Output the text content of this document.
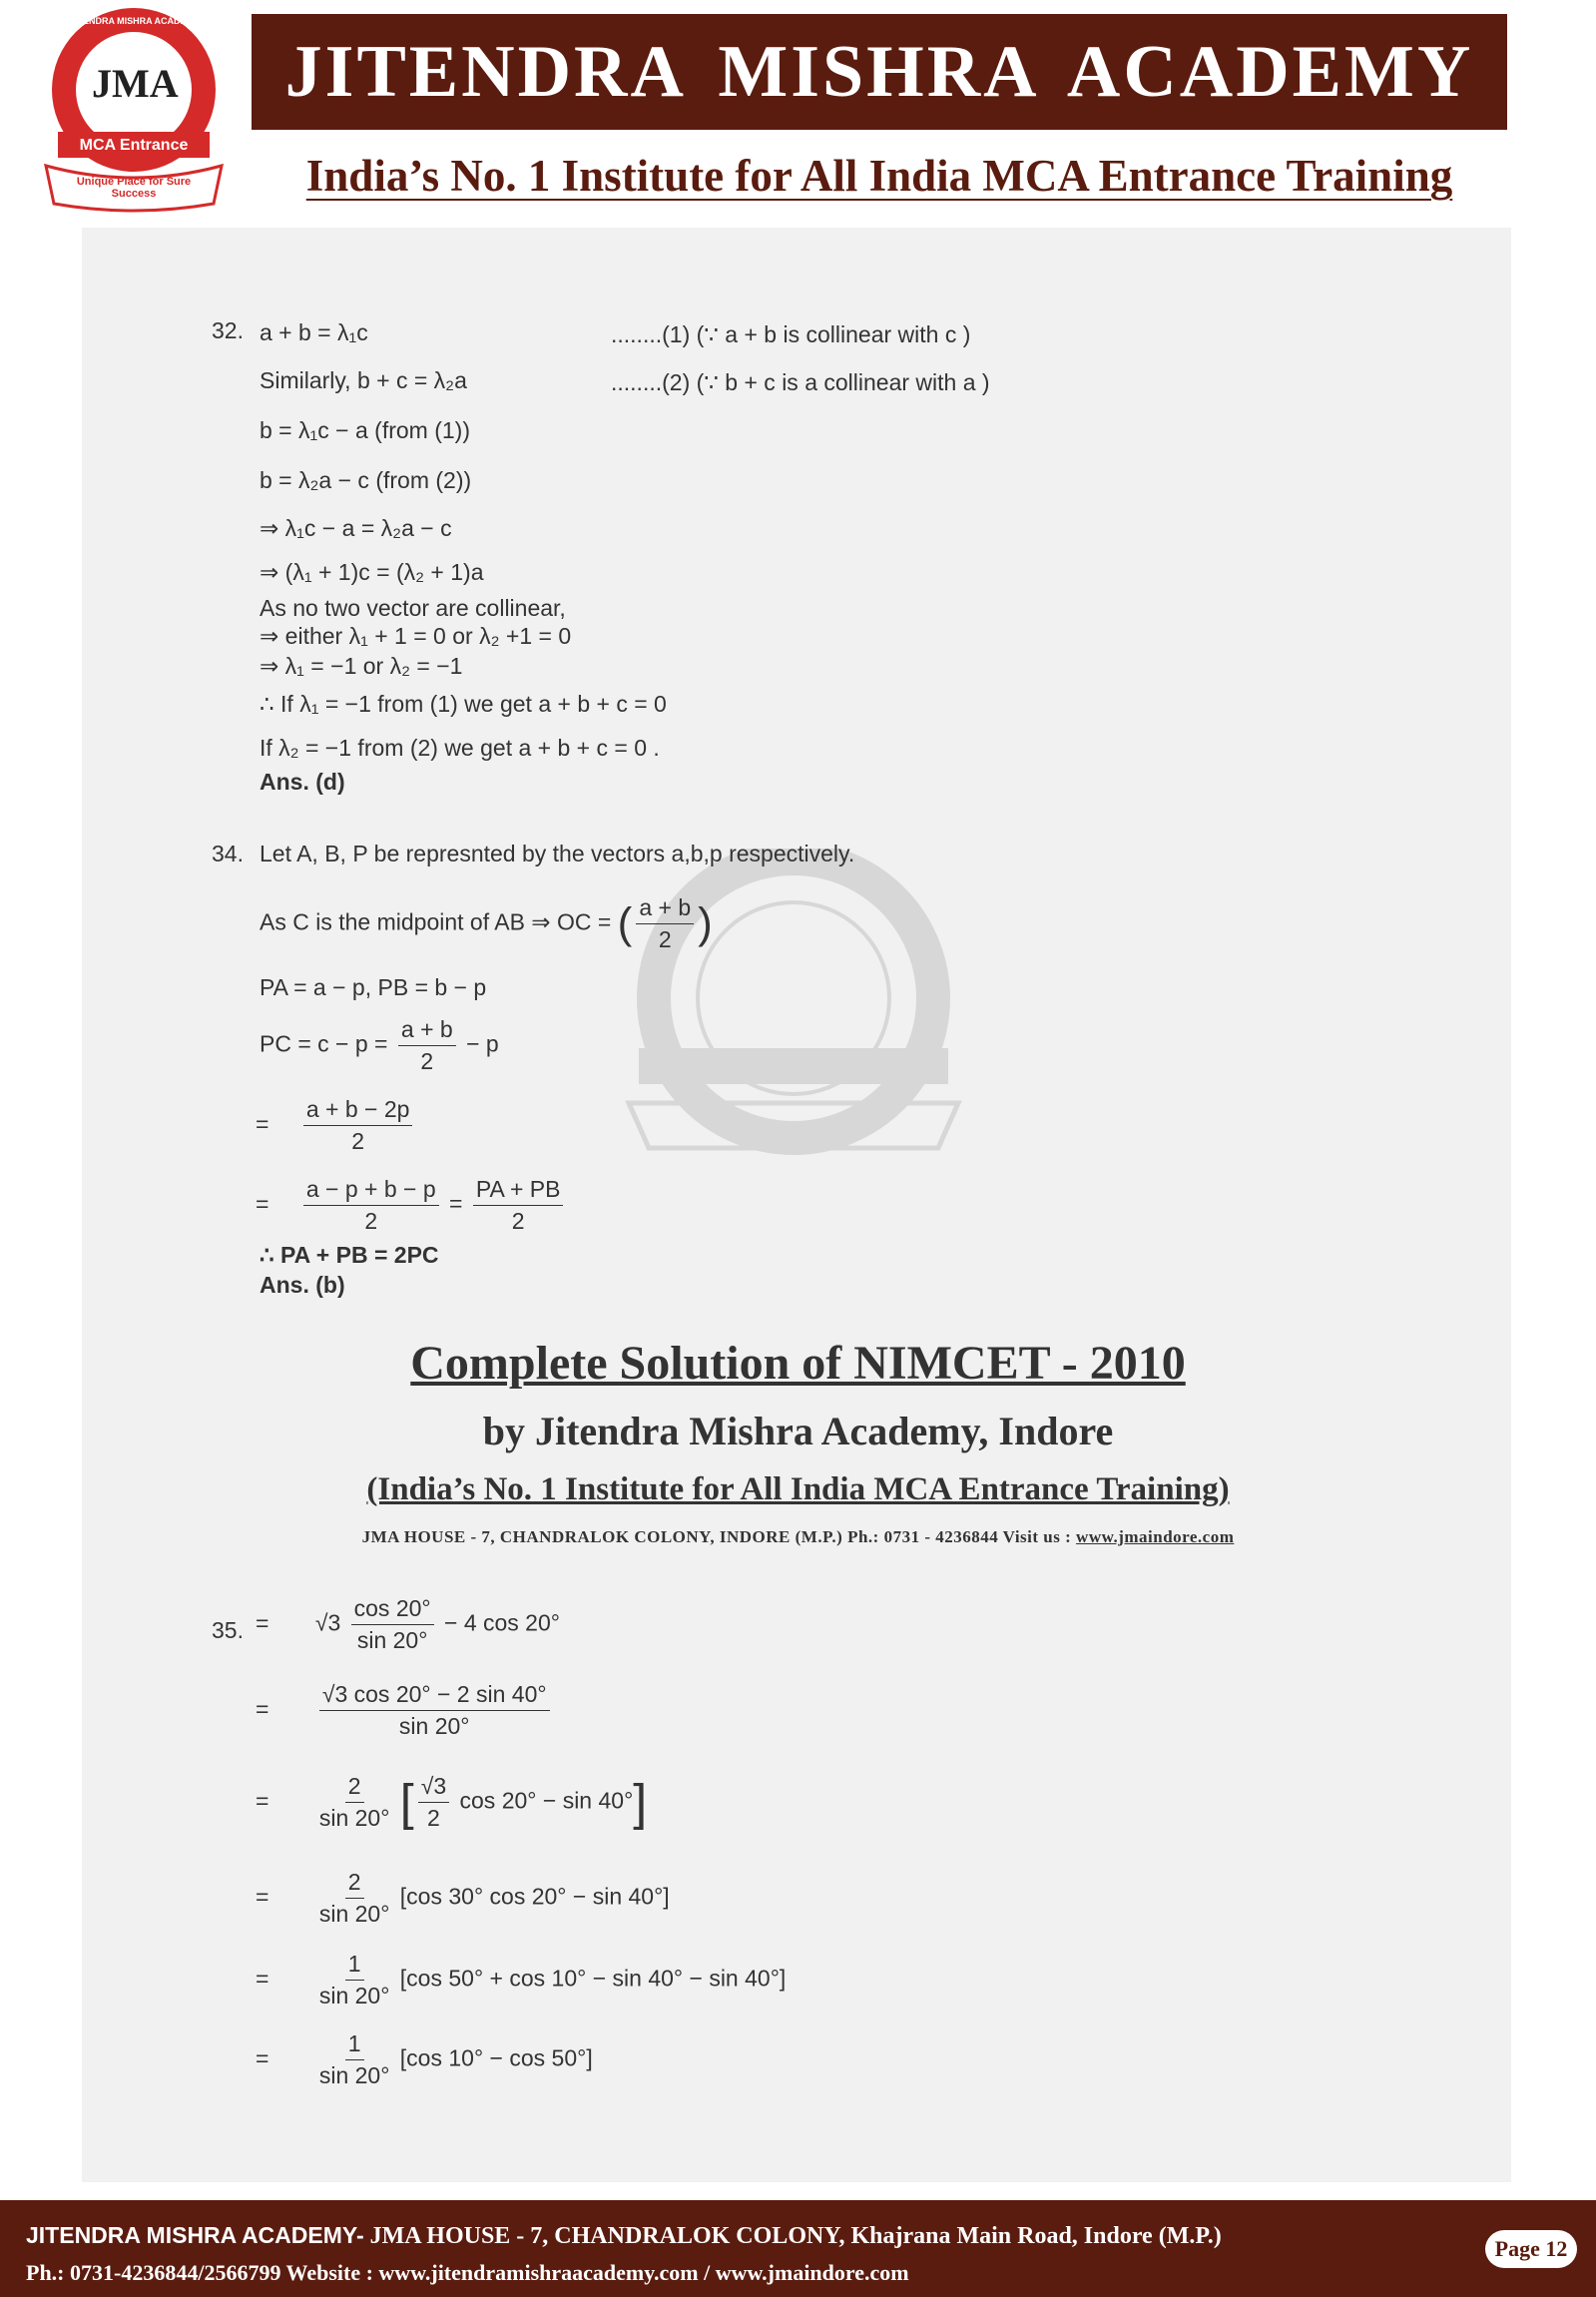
JMA
JITENDRA MISHRA ACADEMY
MCA Entrance
Unique Place for Sure Success
JITENDRA MISHRA ACADEMY
India’s No. 1 Institute for All India MCA Entrance Training
32. a + b = λ₁c	........(1) (∵ a + b is collinear with c )
Similarly, b + c = λ₂a	........(2) (∵ b + c is a collinear with a )
b = λ₁c − a (from (1))
b = λ₂a − c (from (2))
⇒ λ₁c − a = λ₂a − c
⇒ (λ₁ + 1)c = (λ₂ + 1)a
As no two vector are collinear,
⇒ either λ₁ + 1 = 0 or λ₂ +1 = 0
⇒ λ₁ = −1 or λ₂ = −1
∴ If λ₁ = −1 from (1) we get a + b + c = 0
If λ₂ = −1 from (2) we get a + b + c = 0 .
Ans. (d)
34. Let A, B, P be represnted by the vectors a,b,p respectively.
As C is the midpoint of AB ⇒ OC = ( $\frac{a + b}{2}$ )
PA = a − p, PB = b − p
PC = $c - p = \frac{a + b}{2} - p$
= $\frac{a + b - 2p}{2}$
= $\frac{a - p + b - p}{2} = \frac{PA + PB}{2}$
∴ PA + PB = 2PC
Ans. (b)
Complete Solution of NIMCET - 2010
by Jitendra Mishra Academy, Indore
(India’s No. 1 Institute for All India MCA Entrance Training)
JMA HOUSE - 7, CHANDRALOK COLONY, INDORE (M.P.) Ph.: 0731 - 4236844 Visit us : www.jmaindore.com
35. = $√3 \frac{\cos 20^\circ}{\sin 20^\circ} - 4$ cos 20°
= $\frac{√3 \cos 20^\circ - 2 \sin 40^\circ}{\sin 20^\circ}$
= $\frac{2}{\sin 20^\circ}$ [ $\frac{√3}{2}$ cos 20° − sin 40°]
= $\frac{2}{\sin 20^\circ} [\cos$ 30° cos 20° − sin 40°]
= $\frac{1}{\sin 20^\circ} [\cos$ 50° + cos 10° − sin 40° − sin 40°]
= $\frac{1}{\sin 20^\circ} [\cos$ 10° − cos 50°]
JITENDRA MISHRA ACADEMY- JMA HOUSE - 7, CHANDRALOK COLONY, Khajrana Main Road, Indore (M.P.)
Ph.: 0731-4236844/2566799 Website : www.jitendramishraacademy.com / www.jmaindore.com
Page 12
